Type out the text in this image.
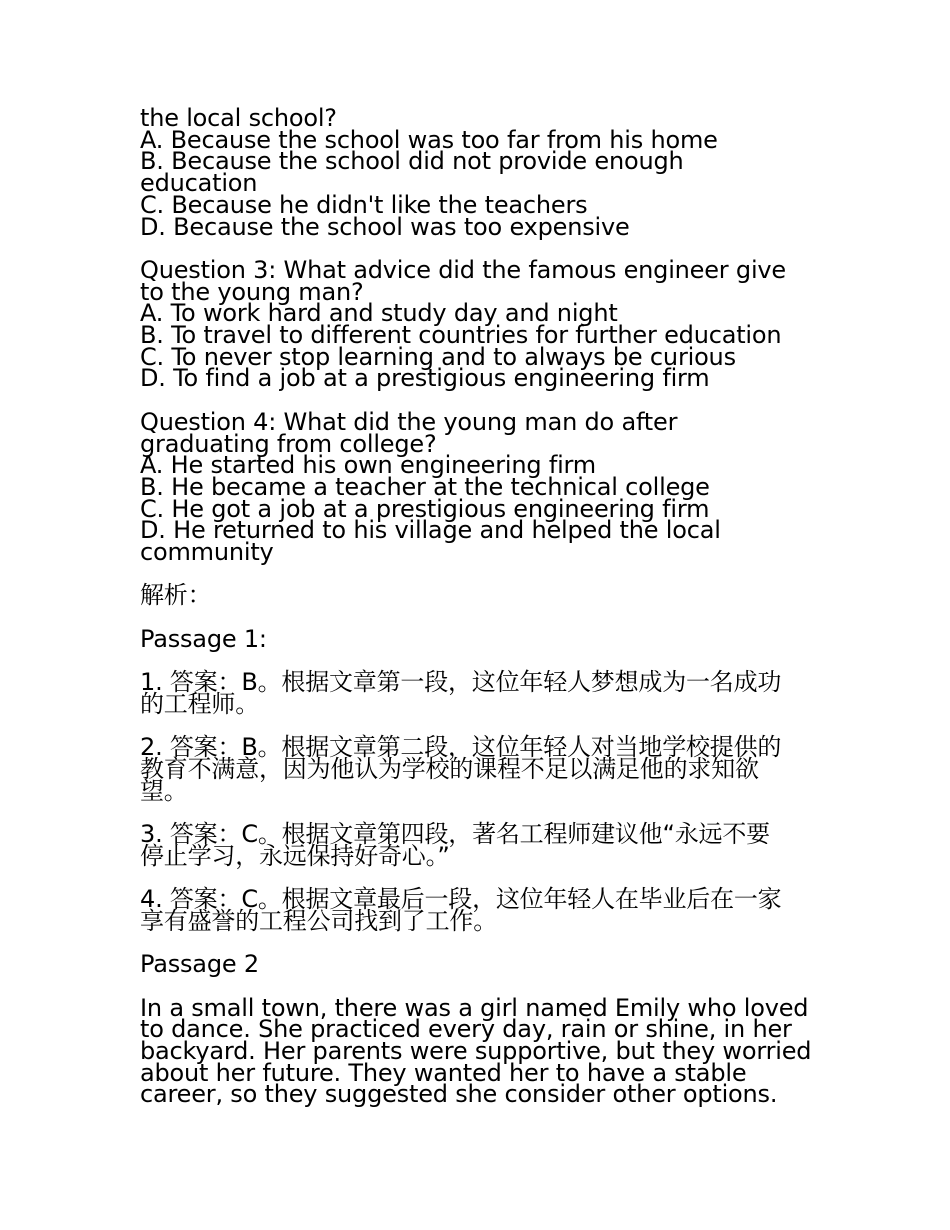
the local school?
A. Because the school was too far from his home
B. Because the school did not provide enough
education
C. Because he didn't like the teachers
D. Because the school was too expensive
Question 3: What advice did the famous engineer give
to the young man?
A. To work hard and study day and night
B. To travel to different countries for further education
C. To never stop learning and to always be curious
D. To find a job at a prestigious engineering firm
Question 4: What did the young man do after
graduating from college?
A. He started his own engineering firm
B. He became a teacher at the technical college
C. He got a job at a prestigious engineering firm
D. He returned to his village and helped the local
community
解析：
Passage 1:
1. 答案：B。根据文章第一段，这位年轻人梦想成为一名成功
的工程师。
2. 答案：B。根据文章第二段，这位年轻人对当地学校提供的
教育不满意，因为他认为学校的课程不足以满足他的求知欲
望。
3. 答案：C。根据文章第四段，著名工程师建议他“永远不要
停止学习，永远保持好奇心。”
4. 答案：C。根据文章最后一段，这位年轻人在毕业后在一家
享有盛誉的工程公司找到了工作。
Passage 2
In a small town, there was a girl named Emily who loved
to dance. She practiced every day, rain or shine, in her
backyard. Her parents were supportive, but they worried
about her future. They wanted her to have a stable
career, so they suggested she consider other options.
